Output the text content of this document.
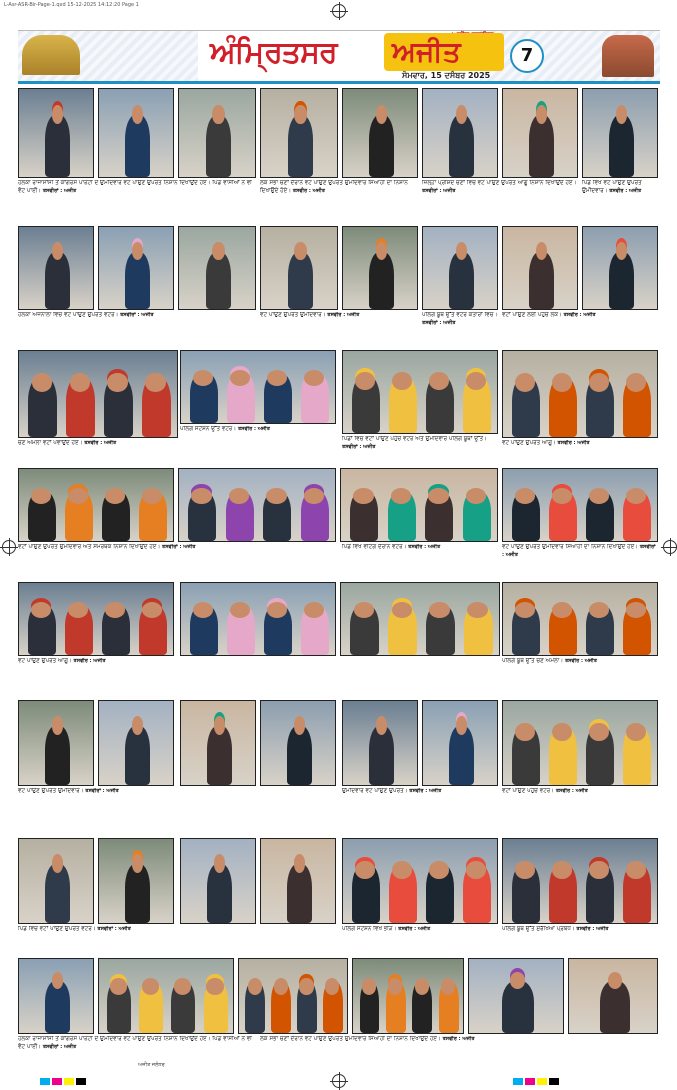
L-Asr-ASR-Bir-Page-1.qxd 15-12-2025 14:12:20 Page 1
ਅੰਮ੍ਰਿਤਸਰ ਅਜੀਤ
ਸੋਮਵਾਰ, 15 ਦਸੰਬਰ 2025
7
ਹਲਕਾ ਰਾਜਾਸਾਂਸੀ ਤੋਂ ਕਾਂਗਰਸ ਪਾਰਟੀ ਦੇ ਉਮੀਦਵਾਰ ਵੋਟ ਪਾਉਣ ਉਪਰੰਤ ਨਿਸ਼ਾਨ ਦਿਖਾਉਂਦੇ ਹੋਏ। ਪਿੰਡ ਵਾਸੀਆਂ ਨੇ ਵੀ ਵੋਟ ਪਾਈ। ਤਸਵੀਰਾਂ : ਅਜੀਤ
ਲੋਕ ਸਭਾ ਚੋਣਾਂ ਦੌਰਾਨ ਵੋਟ ਪਾਉਣ ਉਪਰੰਤ ਉਮੀਦਵਾਰ ਸਿਆਹੀ ਦਾ ਨਿਸ਼ਾਨ ਦਿਖਾਉਂਦੇ ਹੋਏ। ਤਸਵੀਰ : ਅਜੀਤ
ਜ਼ਿਲ੍ਹਾ ਪ੍ਰੀਸ਼ਦ ਚੋਣਾਂ ਵਿਚ ਵੋਟ ਪਾਉਣ ਉਪਰੰਤ ਆਗੂ ਨਿਸ਼ਾਨ ਦਿਖਾਉਂਦੇ ਹੋਏ। ਤਸਵੀਰਾਂ : ਅਜੀਤ
ਪਿੰਡ ਵਿਖੇ ਵੋਟ ਪਾਉਣ ਉਪਰੰਤ ਉਮੀਦਵਾਰ। ਤਸਵੀਰ : ਅਜੀਤ
ਹਲਕਾ ਅਜਨਾਲਾ ਵਿਚ ਵੋਟ ਪਾਉਣ ਉਪਰੰਤ ਵੋਟਰ। ਤਸਵੀਰਾਂ : ਅਜੀਤ	ਵੋਟ ਪਾਉਣ ਉਪਰੰਤ ਉਮੀਦਵਾਰ। ਤਸਵੀਰ : ਅਜੀਤ	ਪੋਲਿੰਗ ਬੂਥ ਉੱਤੇ ਵੋਟਰ ਕਤਾਰਾਂ ਵਿਚ। ਤਸਵੀਰਾਂ : ਅਜੀਤ
ਵੋਟਾਂ ਪਾਉਣ ਲਈ ਪਹੁੰਚੇ ਲੋਕ। ਤਸਵੀਰ : ਅਜੀਤ
ਚੋਣ ਅਮਲਾ ਵੋਟਾਂ ਪਵਾਉਂਦੇ ਹੋਏ। ਤਸਵੀਰ : ਅਜੀਤ
ਪੋਲਿੰਗ ਸਟੇਸ਼ਨ ਉੱਤੇ ਵੋਟਰ। ਤਸਵੀਰ : ਅਜੀਤ
ਪਿੰਡਾਂ ਵਿਚ ਵੋਟਾਂ ਪਾਉਣ ਪਹੁੰਚੇ ਵੋਟਰ ਅਤੇ ਉਮੀਦਵਾਰ ਪੋਲਿੰਗ ਬੂਥਾਂ ਉੱਤੇ। ਤਸਵੀਰਾਂ : ਅਜੀਤ
ਵੋਟ ਪਾਉਣ ਉਪਰੰਤ ਆਗੂ। ਤਸਵੀਰ : ਅਜੀਤ
ਵੋਟਾਂ ਪਾਉਣ ਉਪਰੰਤ ਉਮੀਦਵਾਰ ਅਤੇ ਸਮਰਥਕ ਨਿਸ਼ਾਨ ਦਿਖਾਉਂਦੇ ਹੋਏ। ਤਸਵੀਰਾਂ : ਅਜੀਤ	ਪਿੰਡ ਵਿਖੇ ਵੋਟਿੰਗ ਦੌਰਾਨ ਵੋਟਰ। ਤਸਵੀਰ : ਅਜੀਤ	ਵੋਟ ਪਾਉਣ ਉਪਰੰਤ ਉਮੀਦਵਾਰ ਸਿਆਹੀ ਦਾ ਨਿਸ਼ਾਨ ਦਿਖਾਉਂਦੇ ਹੋਏ। ਤਸਵੀਰਾਂ : ਅਜੀਤ
ਵੋਟ ਪਾਉਣ ਉਪਰੰਤ ਆਗੂ। ਤਸਵੀਰ : ਅਜੀਤ	ਪੋਲਿੰਗ ਬੂਥ ਉੱਤੇ ਚੋਣ ਅਮਲਾ। ਤਸਵੀਰ : ਅਜੀਤ
ਵੋਟ ਪਾਉਣ ਉਪਰੰਤ ਉਮੀਦਵਾਰ। ਤਸਵੀਰਾਂ : ਅਜੀਤ	ਉਮੀਦਵਾਰ ਵੋਟ ਪਾਉਣ ਉਪਰੰਤ। ਤਸਵੀਰ : ਅਜੀਤ	ਵੋਟਾਂ ਪਾਉਣ ਪਹੁੰਚੇ ਵੋਟਰ। ਤਸਵੀਰ : ਅਜੀਤ
ਪਿੰਡ ਵਿਚ ਵੋਟਾਂ ਪਾਉਣ ਉਪਰੰਤ ਵੋਟਰ। ਤਸਵੀਰਾਂ : ਅਜੀਤ	ਪੋਲਿੰਗ ਸਟੇਸ਼ਨ ਵਿਖੇ ਭੀੜ। ਤਸਵੀਰ : ਅਜੀਤ	ਪੋਲਿੰਗ ਬੂਥ ਉੱਤੇ ਸੁਰੱਖਿਆ ਪ੍ਰਬੰਧ। ਤਸਵੀਰ : ਅਜੀਤ
ਹਲਕਾ ਰਾਜਾਸਾਂਸੀ ਤੋਂ ਕਾਂਗਰਸ ਪਾਰਟੀ ਦੇ ਉਮੀਦਵਾਰ ਵੋਟ ਪਾਉਣ ਉਪਰੰਤ ਨਿਸ਼ਾਨ ਦਿਖਾਉਂਦੇ ਹੋਏ। ਪਿੰਡ ਵਾਸੀਆਂ ਨੇ ਵੀ ਵੋਟ ਪਾਈ। ਤਸਵੀਰਾਂ : ਅਜੀਤ
ਲੋਕ ਸਭਾ ਚੋਣਾਂ ਦੌਰਾਨ ਵੋਟ ਪਾਉਣ ਉਪਰੰਤ ਉਮੀਦਵਾਰ ਸਿਆਹੀ ਦਾ ਨਿਸ਼ਾਨ ਦਿਖਾਉਂਦੇ ਹੋਏ। ਤਸਵੀਰ : ਅਜੀਤ
ਅਜੀਤ ਜਲੰਧਰ
